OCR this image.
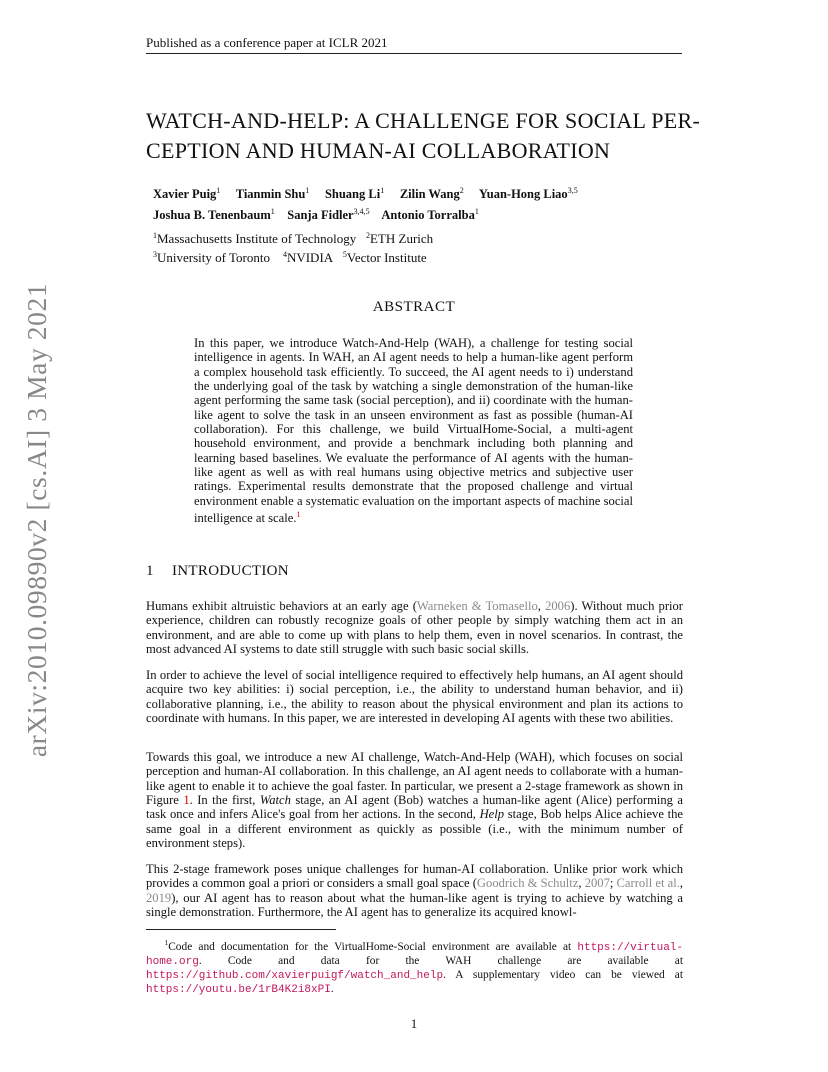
Published as a conference paper at ICLR 2021
WATCH-AND-HELP: A CHALLENGE FOR SOCIAL PER-
CEPTION AND HUMAN-AI COLLABORATION
Xavier Puig$^1$ Tianmin Shu$^1$ Shuang Li$^1$ Zilin Wang$^2$ Yuan-Hong Liao$^{3,5}$
Joshua B. Tenenbaum$^1$ Sanja Fidler$^{3,4,5}$ Antonio Torralba$^1$
$^1$Massachusetts Institute of Technology $^2$ETH Zurich
$^3$University of Toronto $^4$NVIDIA $^5$Vector Institute
ABSTRACT
In this paper, we introduce Watch-And-Help (WAH), a challenge for testing social intelligence in agents. In WAH, an AI agent needs to help a human-like agent perform a complex household task efficiently. To succeed, the AI agent needs to i) understand the underlying goal of the task by watching a single demonstration of the human-like agent performing the same task (social perception), and ii) coordinate with the human-like agent to solve the task in an unseen environment as fast as possible (human-AI collaboration). For this challenge, we build VirtualHome-Social, a multi-agent household environment, and provide a benchmark including both planning and learning based baselines. We evaluate the performance of AI agents with the human-like agent as well as with real humans using objective metrics and subjective user ratings. Experimental results demonstrate that the proposed challenge and virtual environment enable a systematic evaluation on the important aspects of machine social intelligence at scale.$^1$
1 INTRODUCTION
Humans exhibit altruistic behaviors at an early age (Warneken & Tomasello, 2006). Without much prior experience, children can robustly recognize goals of other people by simply watching them act in an environment, and are able to come up with plans to help them, even in novel scenarios. In contrast, the most advanced AI systems to date still struggle with such basic social skills.
In order to achieve the level of social intelligence required to effectively help humans, an AI agent should acquire two key abilities: i) social perception, i.e., the ability to understand human behavior, and ii) collaborative planning, i.e., the ability to reason about the physical environment and plan its actions to coordinate with humans. In this paper, we are interested in developing AI agents with these two abilities.
Towards this goal, we introduce a new AI challenge, Watch-And-Help (WAH), which focuses on social perception and human-AI collaboration. In this challenge, an AI agent needs to collaborate with a human-like agent to enable it to achieve the goal faster. In particular, we present a 2-stage framework as shown in Figure 1. In the first, Watch stage, an AI agent (Bob) watches a human-like agent (Alice) performing a task once and infers Alice's goal from her actions. In the second, Help stage, Bob helps Alice achieve the same goal in a different environment as quickly as possible (i.e., with the minimum number of environment steps).
This 2-stage framework poses unique challenges for human-AI collaboration. Unlike prior work which provides a common goal a priori or considers a small goal space (Goodrich & Schultz, 2007; Carroll et al., 2019), our AI agent has to reason about what the human-like agent is trying to achieve by watching a single demonstration. Furthermore, the AI agent has to generalize its acquired knowl-
$^1$Code and documentation for the VirtualHome-Social environment are available at https://virtual-home.org. Code and data for the WAH challenge are available at https://github.com/xavierpuigf/watch_and_help. A supplementary video can be viewed at https://youtu.be/1rB4K2i8xPI.
1
arXiv:2010.09890v2 [cs.AI] 3 May 2021
